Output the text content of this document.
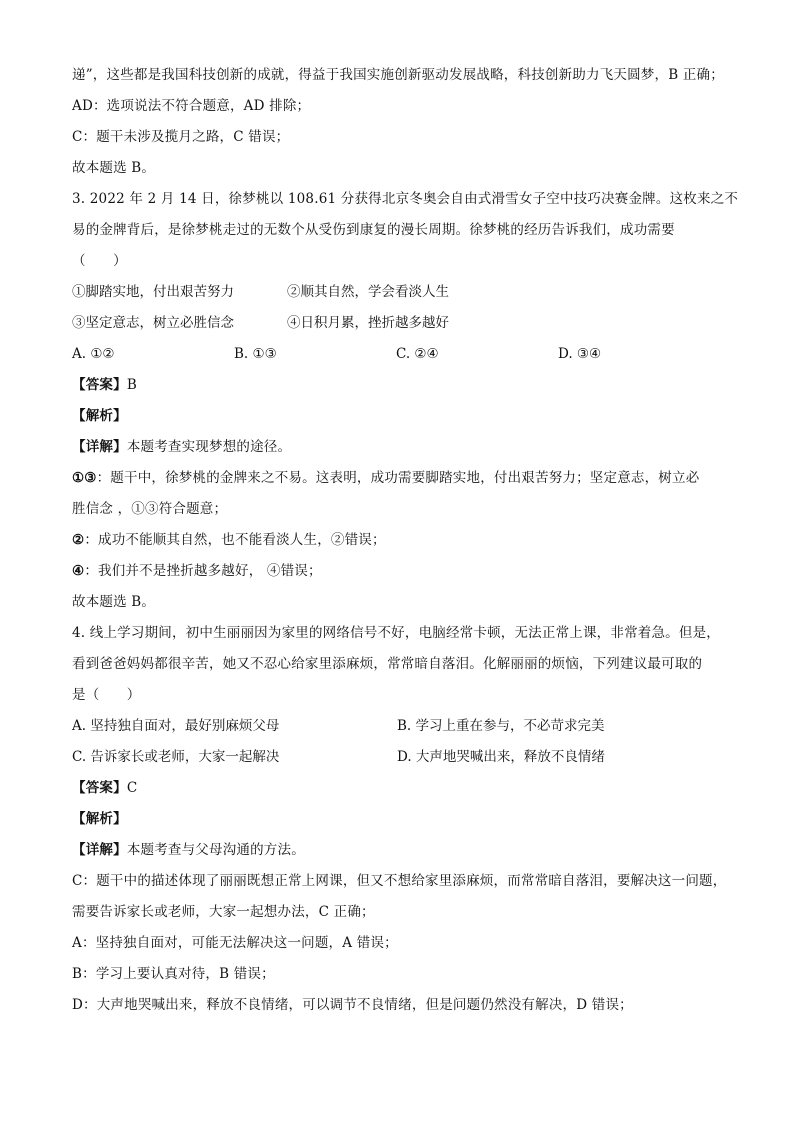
递”，这些都是我国科技创新的成就，得益于我国实施创新驱动发展战略，科技创新助力飞天圆梦，B 正确；
AD：选项说法不符合题意，AD 排除；
C：题干未涉及揽月之路，C 错误；
故本题选 B。
3. 2022 年 2 月 14 日，徐梦桃以 108.61 分获得北京冬奥会自由式滑雪女子空中技巧决赛金牌。这枚来之不
易的金牌背后，是徐梦桃走过的无数个从受伤到康复的漫长周期。徐梦桃的经历告诉我们，成功需要
（　　）
①脚踏实地，付出艰苦努力	②顺其自然，学会看淡人生
③坚定意志，树立必胜信念	④日积月累，挫折越多越好
A. ①②	B. ①③	C. ②④	D. ③④
【答案】B
【解析】
【详解】本题考查实现梦想的途径。
①③：题干中，徐梦桃的金牌来之不易。这表明，成功需要脚踏实地，付出艰苦努力；坚定意志，树立必
胜信念 ，①③符合题意；
②：成功不能顺其自然，也不能看淡人生，②错误；
④：我们并不是挫折越多越好， ④错误；
故本题选 B。
4. 线上学习期间，初中生丽丽因为家里的网络信号不好，电脑经常卡顿，无法正常上课，非常着急。但是，
看到爸爸妈妈都很辛苦，她又不忍心给家里添麻烦，常常暗自落泪。化解丽丽的烦恼，下列建议最可取的
是（　　）
A. 坚持独自面对，最好别麻烦父母	B. 学习上重在参与，不必苛求完美
C. 告诉家长或老师，大家一起解决	D. 大声地哭喊出来，释放不良情绪
【答案】C
【解析】
【详解】本题考查与父母沟通的方法。
C：题干中的描述体现了丽丽既想正常上网课，但又不想给家里添麻烦，而常常暗自落泪，要解决这一问题，
需要告诉家长或老师，大家一起想办法，C 正确；
A：坚持独自面对，可能无法解决这一问题，A 错误；
B：学习上要认真对待，B 错误；
D：大声地哭喊出来，释放不良情绪，可以调节不良情绪，但是问题仍然没有解决，D 错误；
